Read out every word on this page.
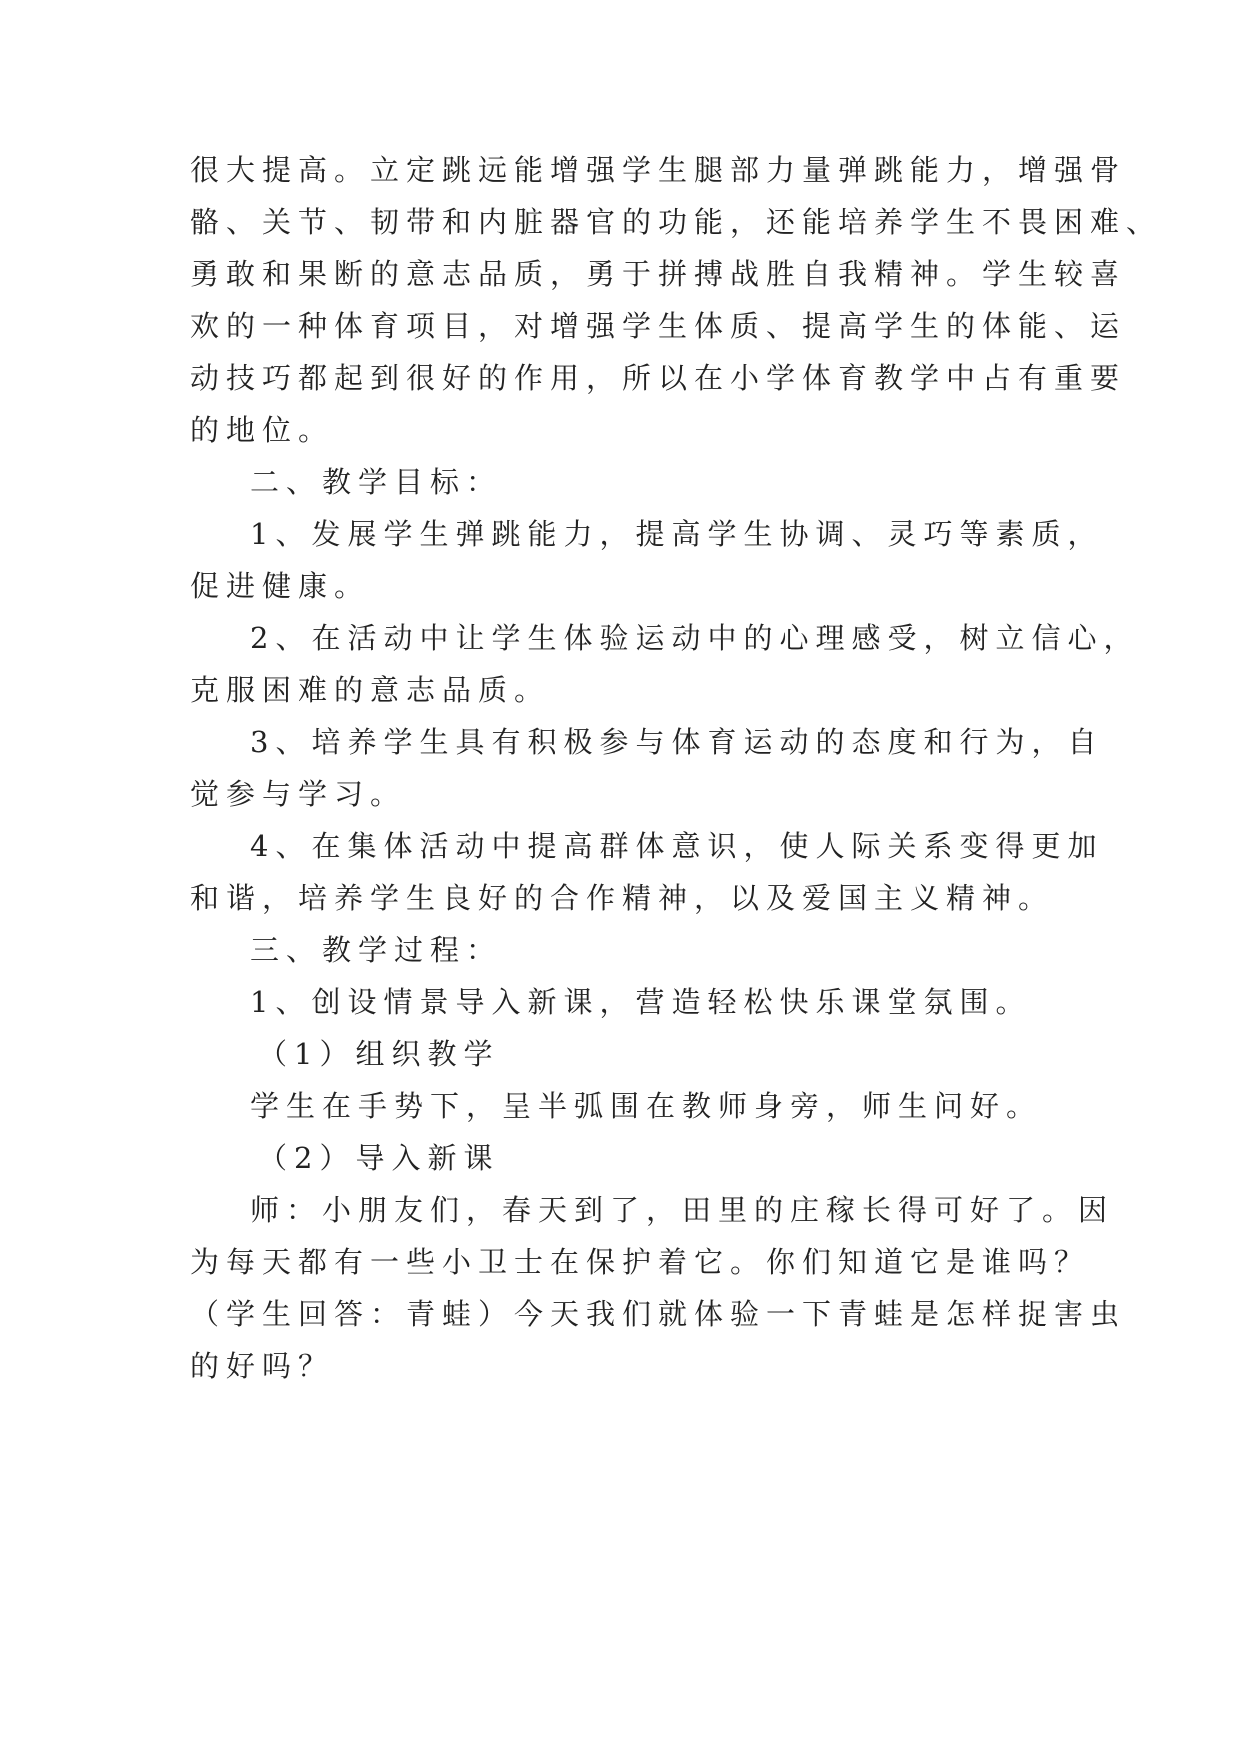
很大提高。立定跳远能增强学生腿部力量弹跳能力，增强骨
骼、关节、韧带和内脏器官的功能，还能培养学生不畏困难、
勇敢和果断的意志品质，勇于拼搏战胜自我精神。学生较喜
欢的一种体育项目，对增强学生体质、提高学生的体能、运
动技巧都起到很好的作用，所以在小学体育教学中占有重要
的地位。
二、教学目标：
1、发展学生弹跳能力，提高学生协调、灵巧等素质，
促进健康。
2、在活动中让学生体验运动中的心理感受，树立信心，
克服困难的意志品质。
3、培养学生具有积极参与体育运动的态度和行为，自
觉参与学习。
4、在集体活动中提高群体意识，使人际关系变得更加
和谐，培养学生良好的合作精神，以及爱国主义精神。
三、教学过程：
1、创设情景导入新课，营造轻松快乐课堂氛围。
（1）组织教学
学生在手势下，呈半弧围在教师身旁，师生问好。
（2）导入新课
师：小朋友们，春天到了，田里的庄稼长得可好了。因
为每天都有一些小卫士在保护着它。你们知道它是谁吗？
（学生回答：青蛙）今天我们就体验一下青蛙是怎样捉害虫
的好吗？
